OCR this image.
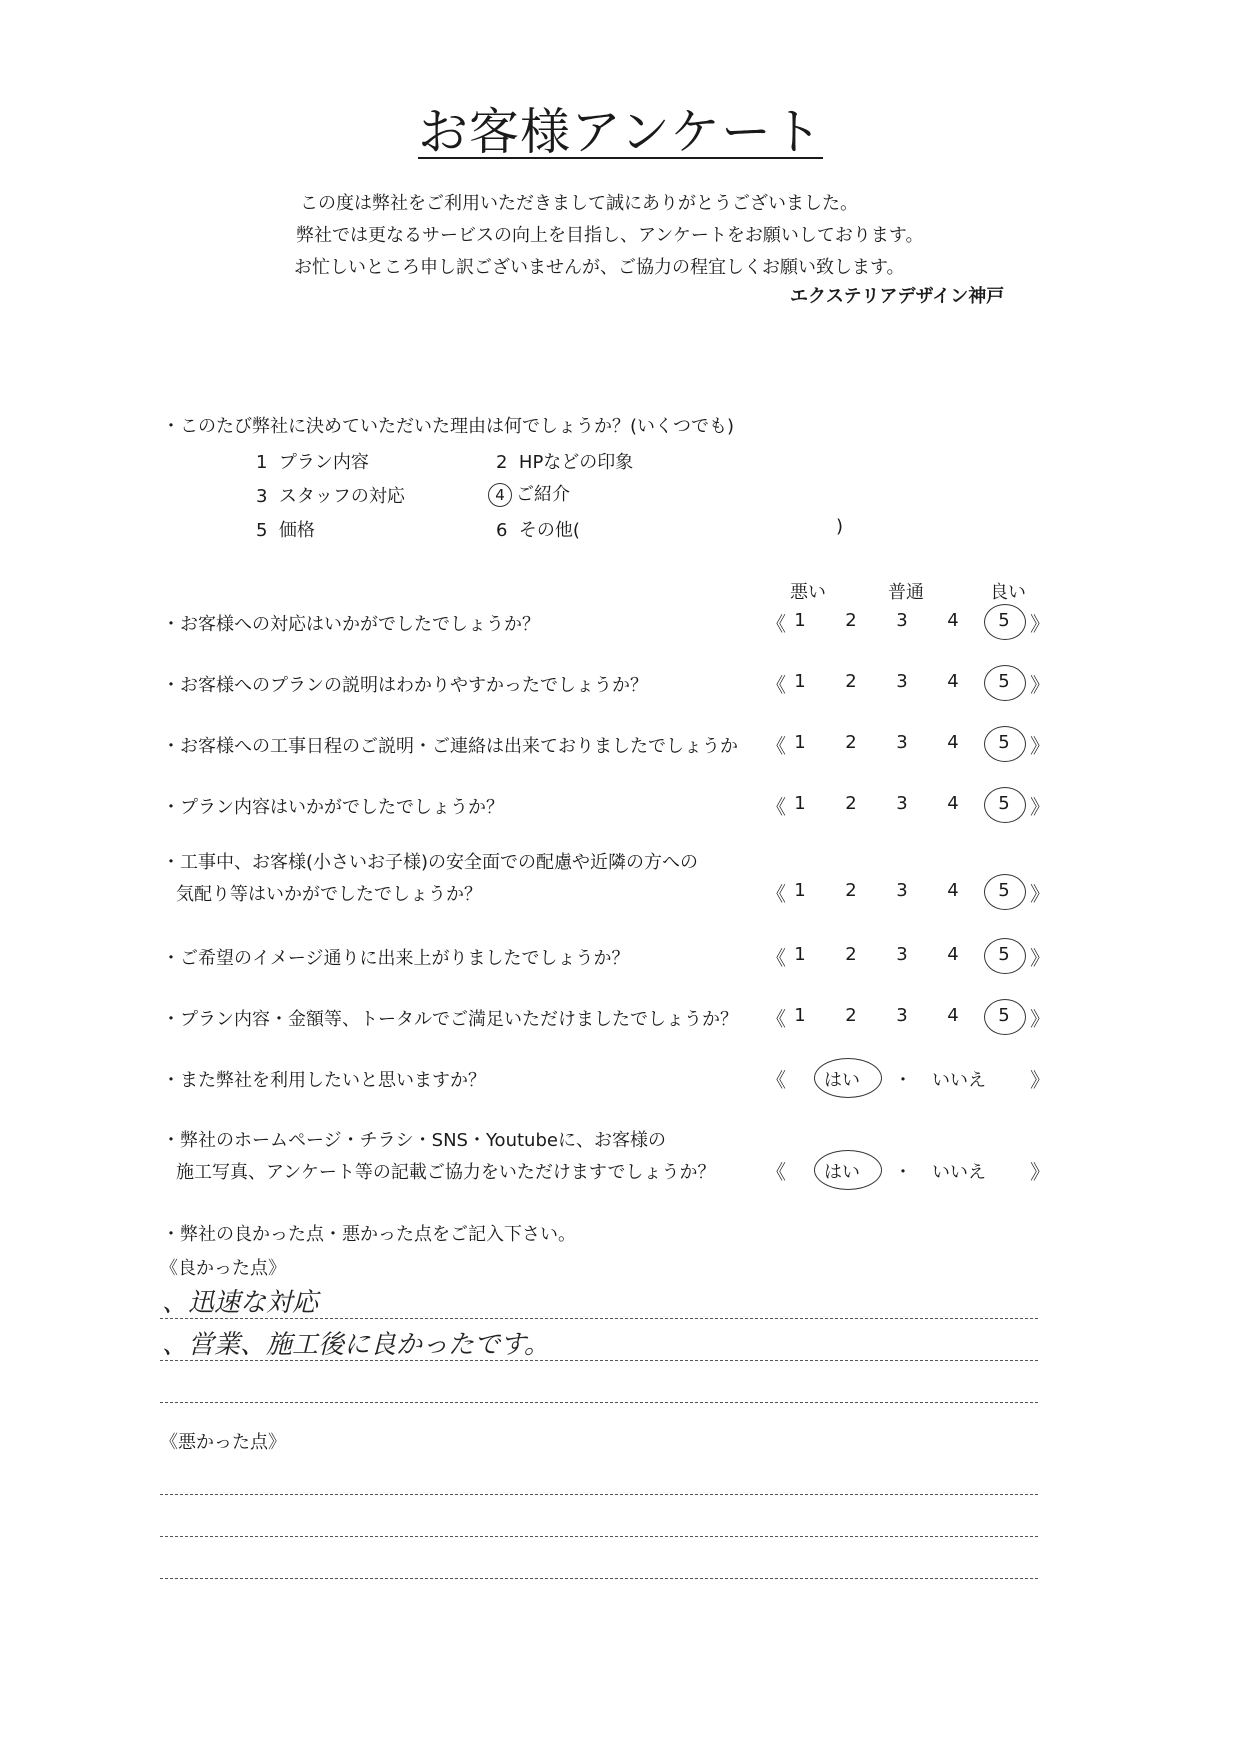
お客様アンケート
この度は弊社をご利用いただきまして誠にありがとうございました。
弊社では更なるサービスの向上を目指し、アンケートをお願いしております。
お忙しいところ申し訳ございませんが、ご協力の程宜しくお願い致します。
エクステリアデザイン神戸
・このたび弊社に決めていただいた理由は何でしょうか？(いくつでも)
1 プラン内容	2 HPなどの印象
3 スタッフの対応	4 ご紹介
5 価格	6 その他(	)
悪い	普通	良い
・お客様への対応はいかがでしたでしょうか？	《 1	2	3	4	5	》
・お客様へのプランの説明はわかりやすかったでしょうか？	《 1	2	3	4	5	》
・お客様への工事日程のご説明・ご連絡は出来ておりましたでしょうか 《 1	2	3	4	5	》
・プラン内容はいかがでしたでしょうか？	《 1	2	3	4	5	》
・工事中、お客様(小さいお子様)の安全面での配慮や近隣の方への
気配り等はいかがでしたでしょうか？	《 1	2	3	4	5	》
・ご希望のイメージ通りに出来上がりましたでしょうか？	《 1	2	3	4	5	》
・プラン内容・金額等、トータルでご満足いただけましたでしょうか？ 《 1	2	3	4	5	》
・また弊社を利用したいと思いますか？	《 はい ・ いいえ 》
・弊社のホームページ・チラシ・SNS・Youtubeに、お客様の
施工写真、アンケート等の記載ご協力をいただけますでしょうか？	《 はい ・ いいえ 》
・弊社の良かった点・悪かった点をご記入下さい。
《良かった点》
、迅速な対応
、営業、施工後に良かったです。
《悪かった点》
